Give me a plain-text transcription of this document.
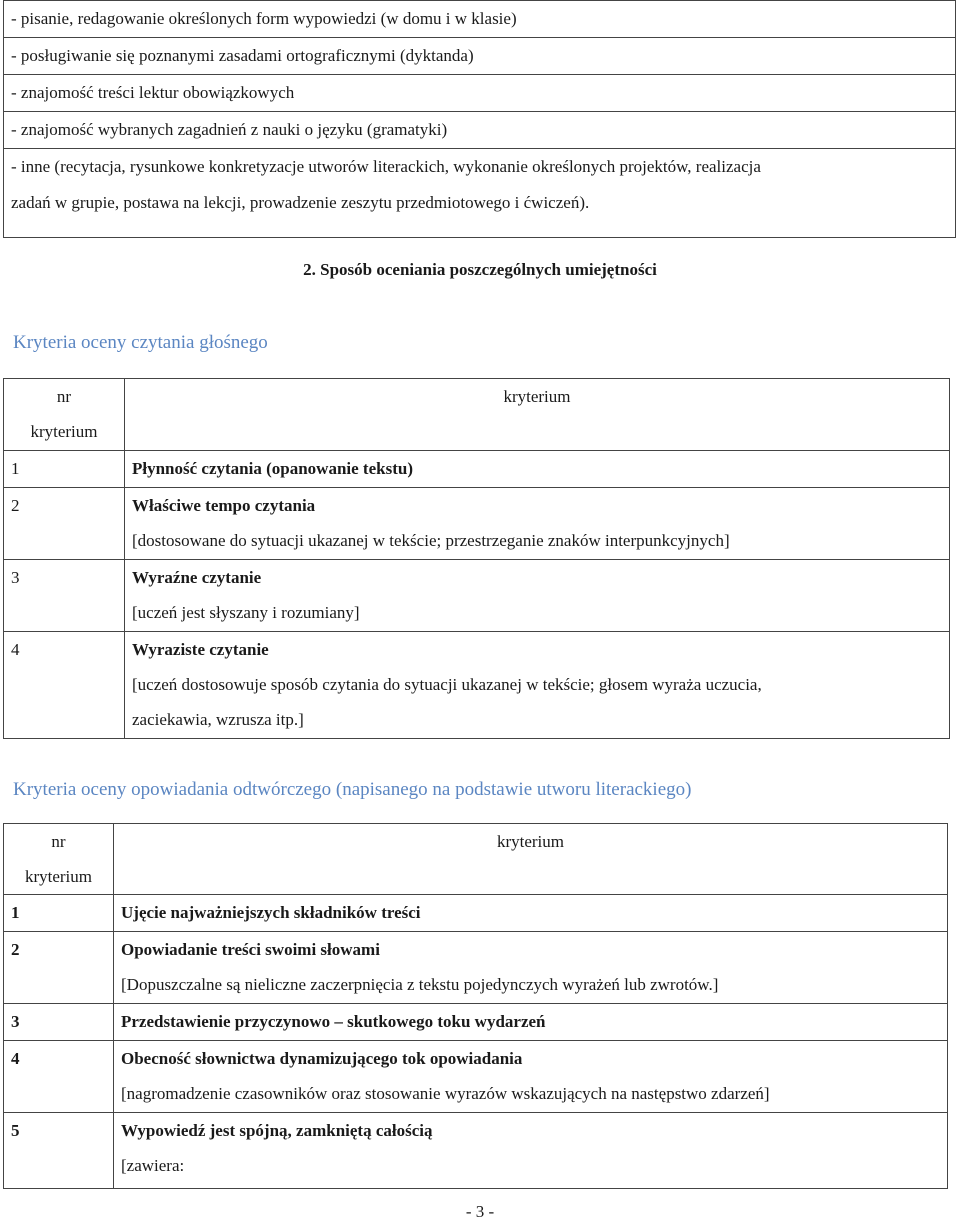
- pisanie, redagowanie określonych form wypowiedzi (w domu i w klasie)
- posługiwanie się poznanymi zasadami ortograficznymi (dyktanda)
- znajomość treści lektur obowiązkowych
- znajomość wybranych zagadnień z nauki o języku (gramatyki)

- inne (recytacja, rysunkowe konkretyzacje utworów literackich, wykonanie określonych projektów, realizacja
zadań w grupie, postawa na lekcji, prowadzenie zeszytu przedmiotowego i ćwiczeń).
2. Sposób oceniania poszczególnych umiejętności
Kryteria oceny czytania głośnego
nr
kryterium	kryterium

1	Płynność czytania (opanowanie tekstu)

2	Właściwe tempo czytania
[dostosowane do sytuacji ukazanej w tekście; przestrzeganie znaków interpunkcyjnych]

3	Wyraźne czytanie
[uczeń jest słyszany i rozumiany]

4	Wyraziste czytanie
[uczeń dostosowuje sposób czytania do sytuacji ukazanej w tekście; głosem wyraża uczucia,
zaciekawia, wzrusza itp.]
Kryteria oceny opowiadania odtwórczego (napisanego na podstawie utworu literackiego)
nr
kryterium	kryterium

1	Ujęcie najważniejszych składników treści

2	Opowiadanie treści swoimi słowami
[Dopuszczalne są nieliczne zaczerpnięcia z tekstu pojedynczych wyrażeń lub zwrotów.]

3	Przedstawienie przyczynowo – skutkowego toku wydarzeń

4	Obecność słownictwa dynamizującego tok opowiadania
[nagromadzenie czasowników oraz stosowanie wyrazów wskazujących na następstwo zdarzeń]

5	Wypowiedź jest spójną, zamkniętą całością
[zawiera:
- 3 -
